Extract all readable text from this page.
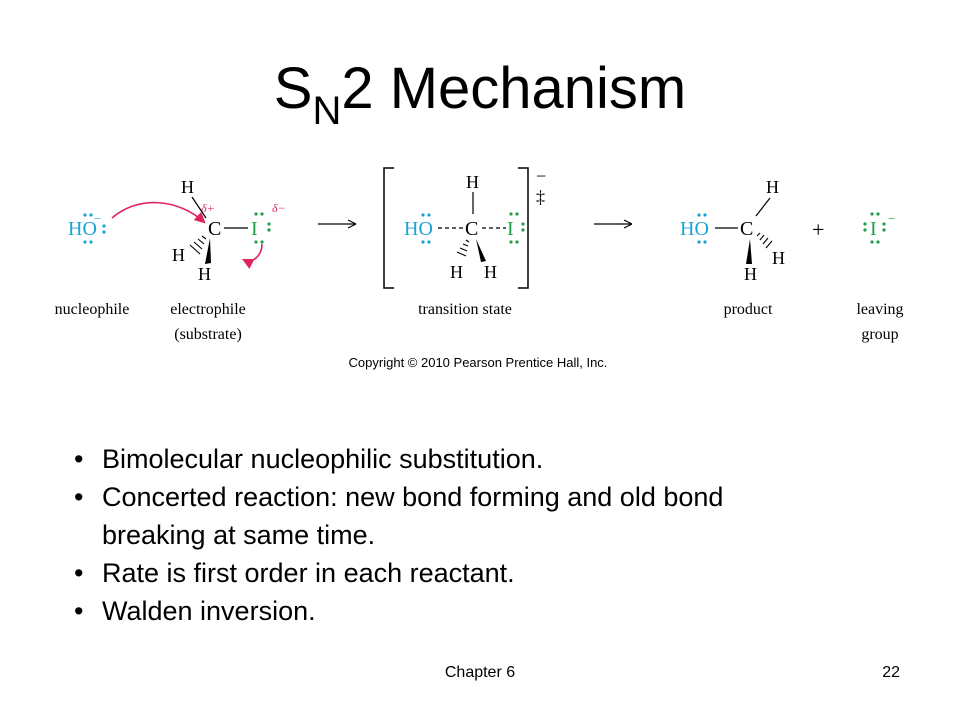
$S_N2$ Mechanism
HO
−
H
δ+
C I
δ−
H
H
−
‡
HO
H
C I
H H
HO C
H
H
H
+ I −
nucleophile	electrophile
(substrate)
transition state	product	leaving
group
Copyright © 2010 Pearson Prentice Hall, Inc.
• Bimolecular nucleophilic substitution.
• Concerted reaction: new bond forming and old bond
breaking at same time.
• Rate is first order in each reactant.
• Walden inversion.
Chapter 6	22
